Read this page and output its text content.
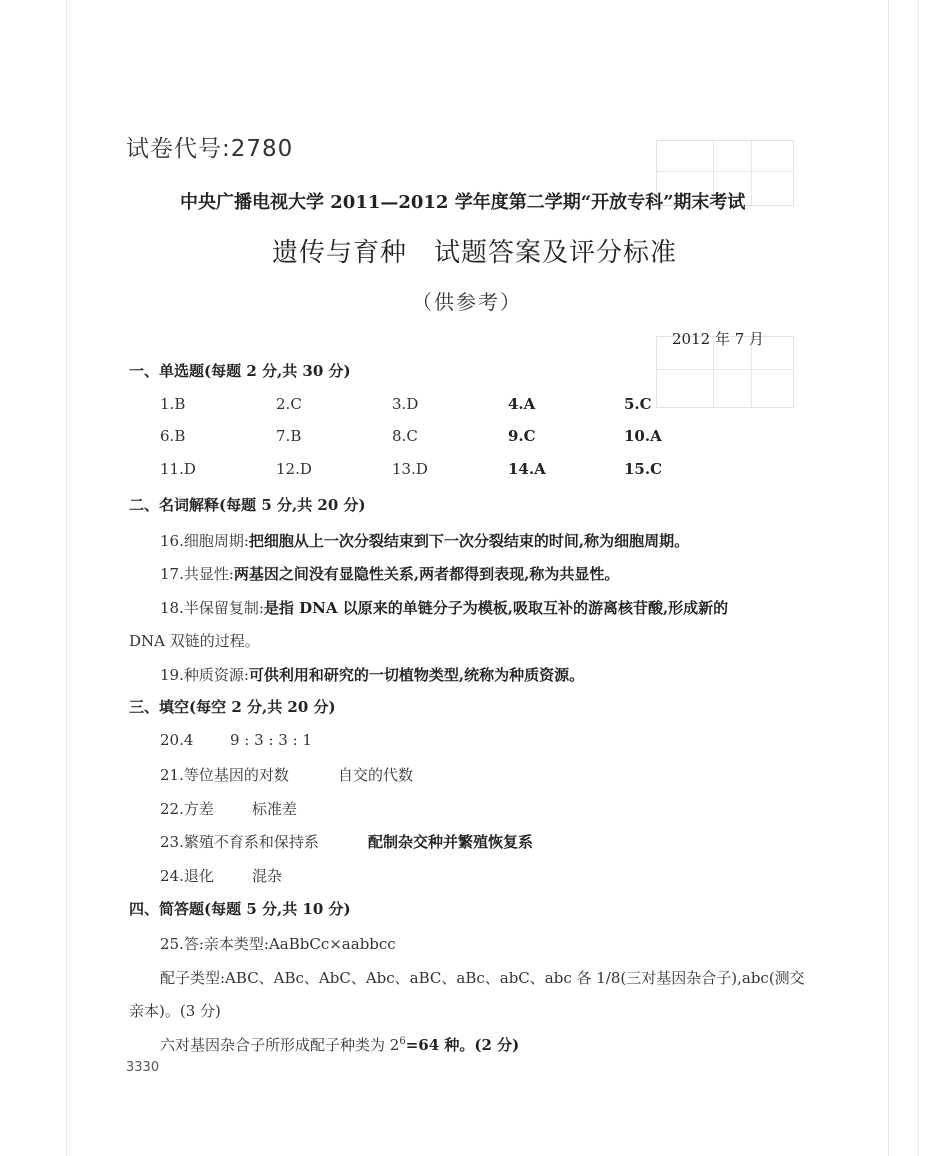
试卷代号:2780
中央广播电视大学 2011—2012 学年度第二学期“开放专科”期末考试
遗传与育种　试题答案及评分标准
（供参考）
2012 年 7 月
一、单选题(每题 2 分,共 30 分)
1.B	2.C	3.D	4.A	5.C
6.B	7.B	8.C	9.C	10.A
11.D	12.D	13.D	14.A	15.C
二、名词解释(每题 5 分,共 20 分)
16.细胞周期:把细胞从上一次分裂结束到下一次分裂结束的时间,称为细胞周期。
17.共显性:两基因之间没有显隐性关系,两者都得到表现,称为共显性。
18.半保留复制:是指 DNA 以原来的单链分子为模板,吸取互补的游离核苷酸,形成新的
DNA 双链的过程。
19.种质资源:可供利用和研究的一切植物类型,统称为种质资源。
三、填空(每空 2 分,共 20 分)
20.4 9 : 3 : 3 : 1
21.等位基因的对数	自交的代数
22.方差	标准差
23.繁殖不育系和保持系	配制杂交种并繁殖恢复系
24.退化	混杂
四、简答题(每题 5 分,共 10 分)
25.答:亲本类型:AaBbCc×aabbcc
配子类型:ABC、ABc、AbC、Abc、aBC、aBc、abC、abc 各 1/8(三对基因杂合子),abc(测交
亲本)。(3 分)
六对基因杂合子所形成配子种类为 $2^6=64$ 种。(2 分)
3330
